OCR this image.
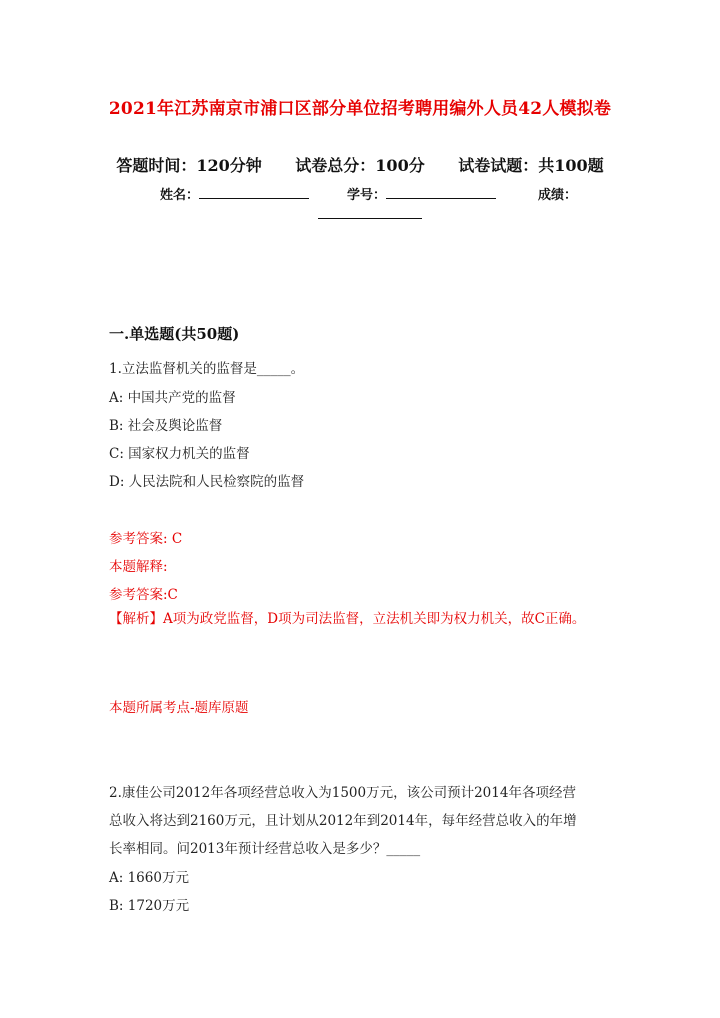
2021年江苏南京市浦口区部分单位招考聘用编外人员42人模拟卷
答题时间：120分钟 试卷总分：100分 试卷试题：共100题
姓名：	学号：	成绩：
一.单选题(共50题)
1.立法监督机关的监督是_____。
A: 中国共产党的监督
B: 社会及舆论监督
C: 国家权力机关的监督
D: 人民法院和人民检察院的监督
参考答案: C
本题解释:
参考答案:C
【解析】A项为政党监督，D项为司法监督，立法机关即为权力机关，故C正确。
本题所属考点-题库原题
2.康佳公司2012年各项经营总收入为1500万元，该公司预计2014年各项经营
总收入将达到2160万元，且计划从2012年到2014年，每年经营总收入的年增
长率相同。问2013年预计经营总收入是多少？_____
A: 1660万元
B: 1720万元
